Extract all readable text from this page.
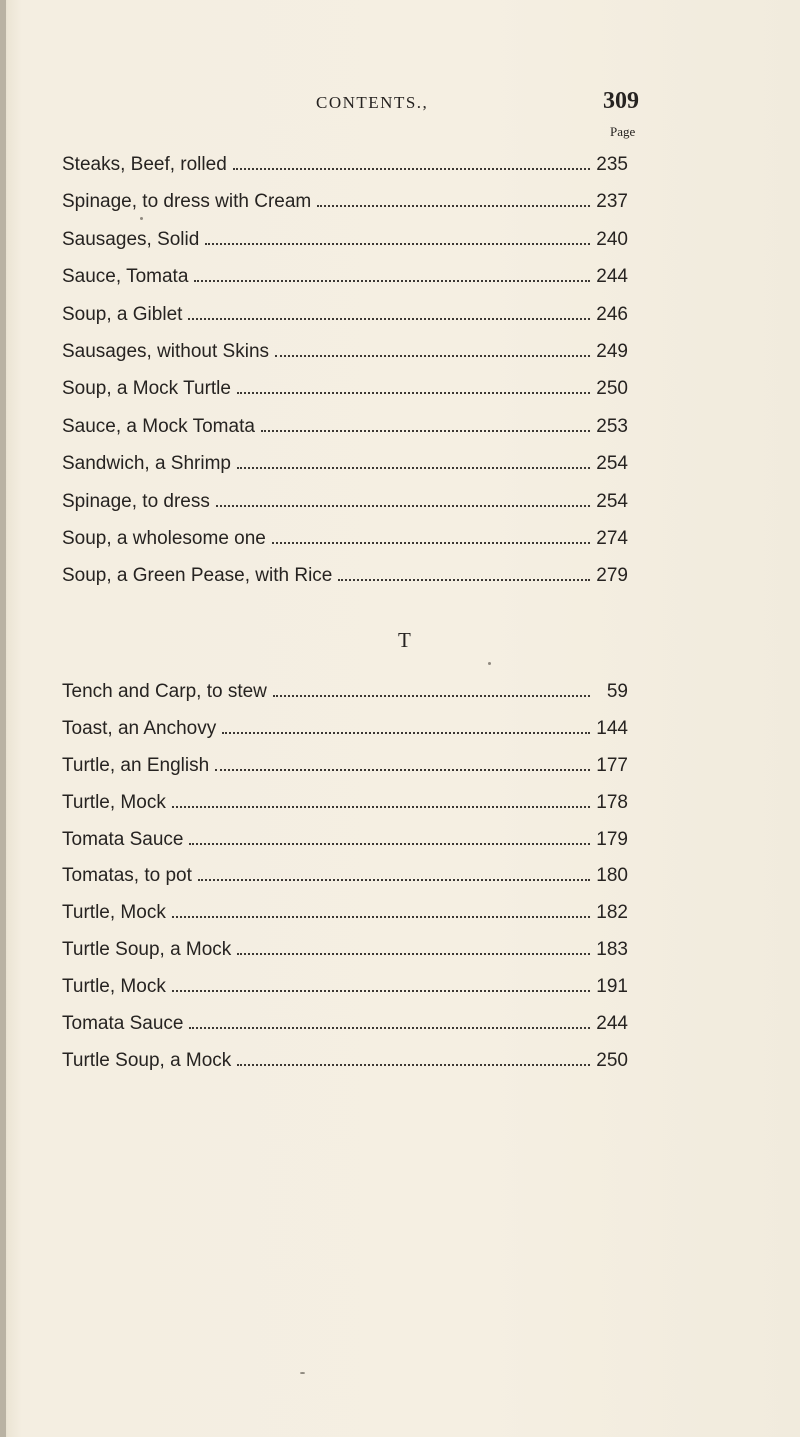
CONTENTS.,	309
Page
Steaks, Beef, rolled	235
Spinage, to dress with Cream	237
Sausages, Solid	240
Sauce, Tomata	244
Soup, a Giblet	246
Sausages, without Skins	249
Soup, a Mock Turtle	250
Sauce, a Mock Tomata	253
Sandwich, a Shrimp	254
Spinage, to dress	254
Soup, a wholesome one	274
Soup, a Green Pease, with Rice	279
T
Tench and Carp, to stew	59
Toast, an Anchovy	144
Turtle, an English	177
Turtle, Mock	178
Tomata Sauce	179
Tomatas, to pot	180
Turtle, Mock	182
Turtle Soup, a Mock	183
Turtle, Mock	191
Tomata Sauce	244
Turtle Soup, a Mock	250
